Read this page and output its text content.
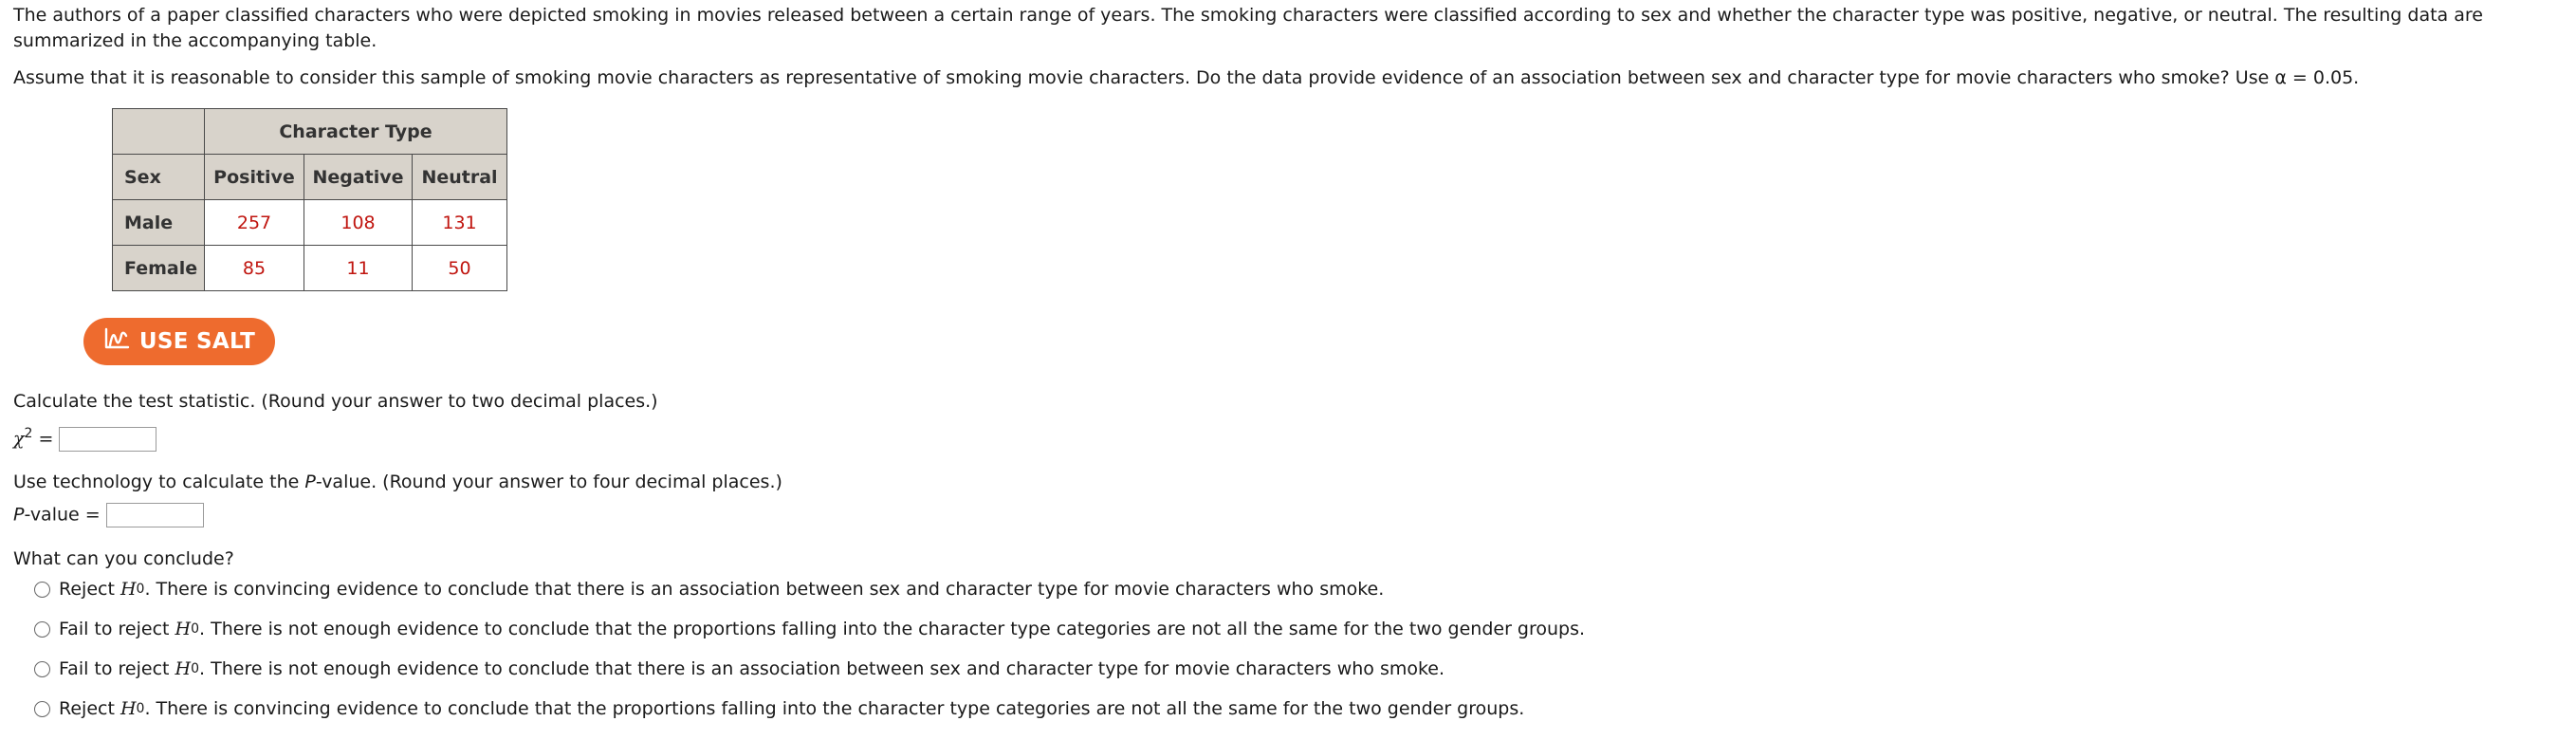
The authors of a paper classified characters who were depicted smoking in movies released between a certain range of years. The smoking characters were classified according to sex and whether the character type was positive, negative, or neutral. The resulting data are summarized in the accompanying table.

Assume that it is reasonable to consider this sample of smoking movie characters as representative of smoking movie characters. Do the data provide evidence of an association between sex and character type for movie characters who smoke? Use α = 0.05.

	Character Type		
Sex	Positive	Negative	Neutral
Male	257	108	131
Female	85	11	50
USE SALT

Calculate the test statistic. (Round your answer to two decimal places.)

$\chi^2$ =

Use technology to calculate the P-value. (Round your answer to four decimal places.)

P-value =

What can you conclude?

Reject
H 0 . There is convincing evidence to conclude that there is an association between sex and character type for movie characters who smoke.
Fail to reject
H 0 . There is not enough evidence to conclude that the proportions falling into the character type categories are not all the same for the two gender groups.
Fail to reject
H 0 . There is not enough evidence to conclude that there is an association between sex and character type for movie characters who smoke.
Reject
H 0 . There is convincing evidence to conclude that the proportions falling into the character type categories are not all the same for the two gender groups.
